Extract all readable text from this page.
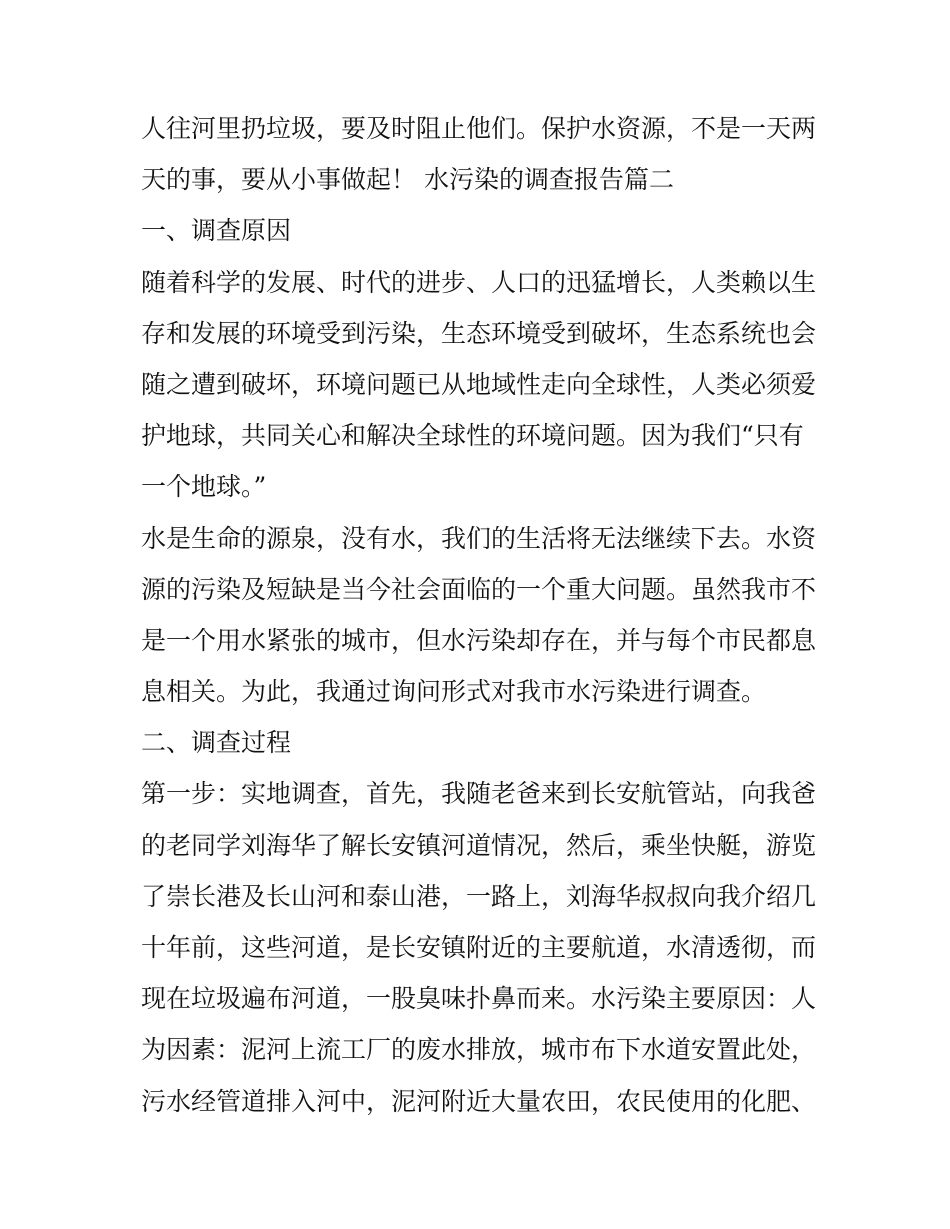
人往河里扔垃圾，要及时阻止他们。保护水资源，不是一天两
天的事，要从小事做起！ 水污染的调查报告篇二
一、调查原因
随着科学的发展、时代的进步、人口的迅猛增长，人类赖以生
存和发展的环境受到污染，生态环境受到破坏，生态系统也会
随之遭到破坏，环境问题已从地域性走向全球性，人类必须爱
护地球，共同关心和解决全球性的环境问题。因为我们“只有
一个地球。”
水是生命的源泉，没有水，我们的生活将无法继续下去。水资
源的污染及短缺是当今社会面临的一个重大问题。虽然我市不
是一个用水紧张的城市，但水污染却存在，并与每个市民都息
息相关。为此，我通过询问形式对我市水污染进行调查。
二、调查过程
第一步：实地调查，首先，我随老爸来到长安航管站，向我爸
的老同学刘海华了解长安镇河道情况，然后，乘坐快艇，游览
了崇长港及长山河和泰山港，一路上，刘海华叔叔向我介绍几
十年前，这些河道，是长安镇附近的主要航道，水清透彻，而
现在垃圾遍布河道，一股臭味扑鼻而来。水污染主要原因：人
为因素：泥河上流工厂的废水排放，城市布下水道安置此处，
污水经管道排入河中，泥河附近大量农田，农民使用的化肥、
